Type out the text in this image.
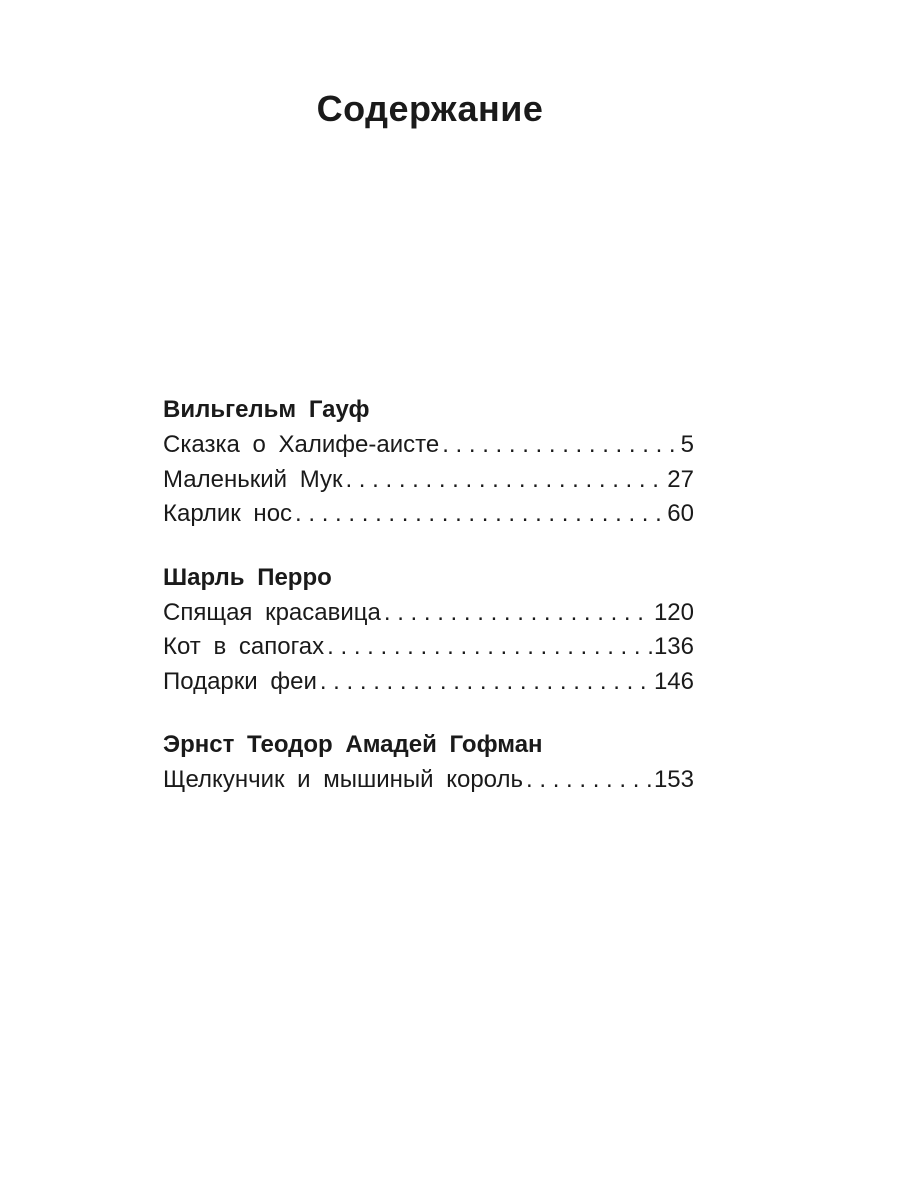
Содержание
Вильгельм Гауф
Сказка о Халифе-аисте . . .	5
Маленький Мук . . .	27
Карлик нос . . .	60
Шарль Перро
Спящая красавица . . .	120
Кот в сапогах . . .	136
Подарки феи . . .	146
Эрнст Теодор Амадей Гофман
Щелкунчик и мышиный король . . .	153
